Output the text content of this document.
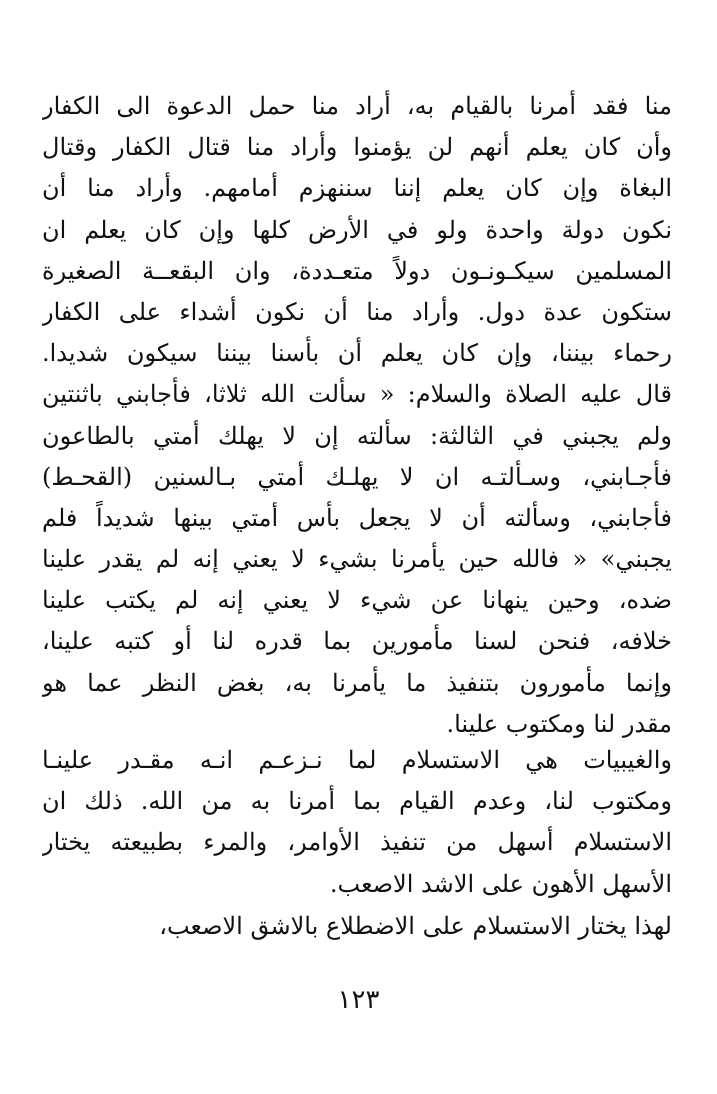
منا فقد أمرنا بالقيام به، أراد منا حمل الدعوة الى الكفار
وأن كان يعلم أنهم لن يؤمنوا وأراد منا قتال الكفار وقتال
البغاة وإن كان يعلم إننا سننهزم أمامهم. وأراد منا أن
نكون دولة واحدة ولو في الأرض كلها وإن كان يعلم ان
المسلمين سيكـونـون دولاً متعـددة، وان البقعــة الصغيرة
ستكون عدة دول. وأراد منا أن نكون أشداء على الكفار
رحماء بيننا، وإن كان يعلم أن بأسنا بيننا سيكون شديدا.
قال عليه الصلاة والسلام: « سألت الله ثلاثا، فأجابني باثنتين
ولم يجبني في الثالثة: سألته إن لا يهلك أمتي بالطاعون
فأجـابني، وسـألتـه ان لا يهلـك أمتي بـالسنين (القحـط)
فأجابني، وسألته أن لا يجعل بأس أمتي بينها شديداً فلم
يجبني» « فالله حين يأمرنا بشيء لا يعني إنه لم يقدر علينا
ضده، وحين ينهانا عن شيء لا يعني إنه لم يكتب علينا
خلافه، فنحن لسنا مأمورين بما قدره لنا أو كتبه علينا،
وإنما مأمورون بتنفيذ ما يأمرنا به، بغض النظر عما هو
مقدر لنا ومكتوب علينا.
والغيبيات هي الاستسلام لما نـزعـم انـه مقـدر علينـا
ومكتوب لنا، وعدم القيام بما أمرنا به من الله. ذلك ان
الاستسلام أسهل من تنفيذ الأوامر، والمرء بطبيعته يختار
الأسهل الأهون على الاشد الاصعب.
لهذا يختار الاستسلام على الاضطلاع بالاشق الاصعب،
١٢٣
